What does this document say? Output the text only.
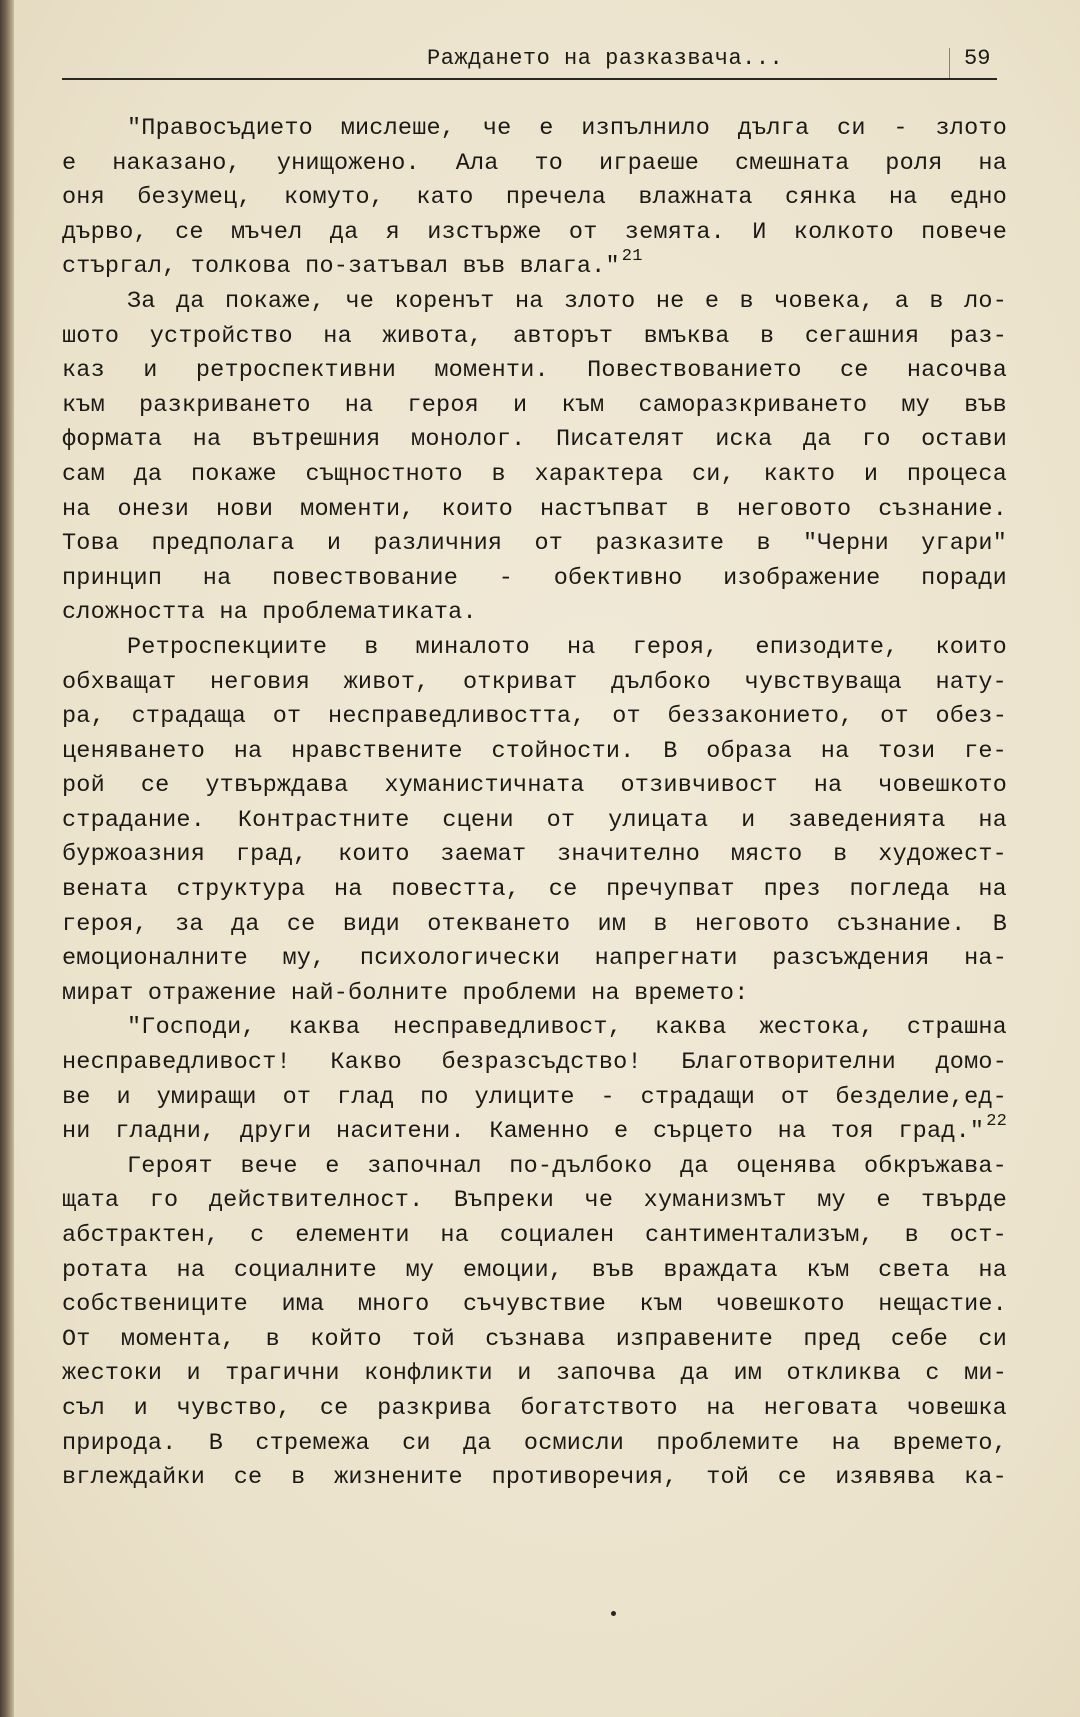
Раждането на разказвача...	59
"Правосъдието мислеше, че е изпълнило дълга си - злото
е наказано, унищожено. Ала то играеше смешната роля на
оня безумец, комуто, като пречела влажната сянка на едно
дърво, се мъчел да я изстърже от земята. И колкото повече
стъргал, толкова по-затъвал във влага." $^{21}$
За да покаже, че коренът на злото не е в човека, а в ло-
шото устройство на живота, авторът вмъква в сегашния раз-
каз и ретроспективни моменти. Повествованието се насочва
към разкриването на героя и към саморазкриването му във
формата на вътрешния монолог. Писателят иска да го остави
сам да покаже същностното в характера си, както и процеса
на онези нови моменти, които настъпват в неговото съзнание.
Това предполага и различния от разказите в "Черни угари"
принцип на повествование - обективно изображение поради
сложността на проблематиката.
Ретроспекциите в миналото на героя, епизодите, които
обхващат неговия живот, откриват дълбоко чувствуваща нату-
ра, страдаща от несправедливостта, от беззаконието, от обез-
ценяването на нравствените стойности. В образа на този ге-
рой се утвърждава хуманистичната отзивчивост на човешкото
страдание. Контрастните сцени от улицата и заведенията на
буржоазния град, които заемат значително място в художест-
вената структура на повестта, се пречупват през погледа на
героя, за да се види отекването им в неговото съзнание. В
емоционалните му, психологически напрегнати разсъждения на-
мират отражение най-болните проблеми на времето:
"Господи, каква несправедливост, каква жестока, страшна
несправедливост! Какво безразсъдство! Благотворителни домо-
ве и умиращи от глад по улиците - страдащи от безделие,ед-
ни гладни, други наситени. Каменно е сърцето на тоя град." $^{22}$
Героят вече е започнал по-дълбоко да оценява обкръжава-
щата го действителност. Въпреки че хуманизмът му е твърде
абстрактен, с елементи на социален сантиментализъм, в ост-
ротата на социалните му емоции, във враждата към света на
собствениците има много съчувствие към човешкото нещастие.
От момента, в който той съзнава изправените пред себе си
жестоки и трагични конфликти и започва да им откликва с ми-
съл и чувство, се разкрива богатството на неговата човешка
природа. В стремежа си да осмисли проблемите на времето,
вглеждайки се в жизнените противоречия, той се изявява ка-
